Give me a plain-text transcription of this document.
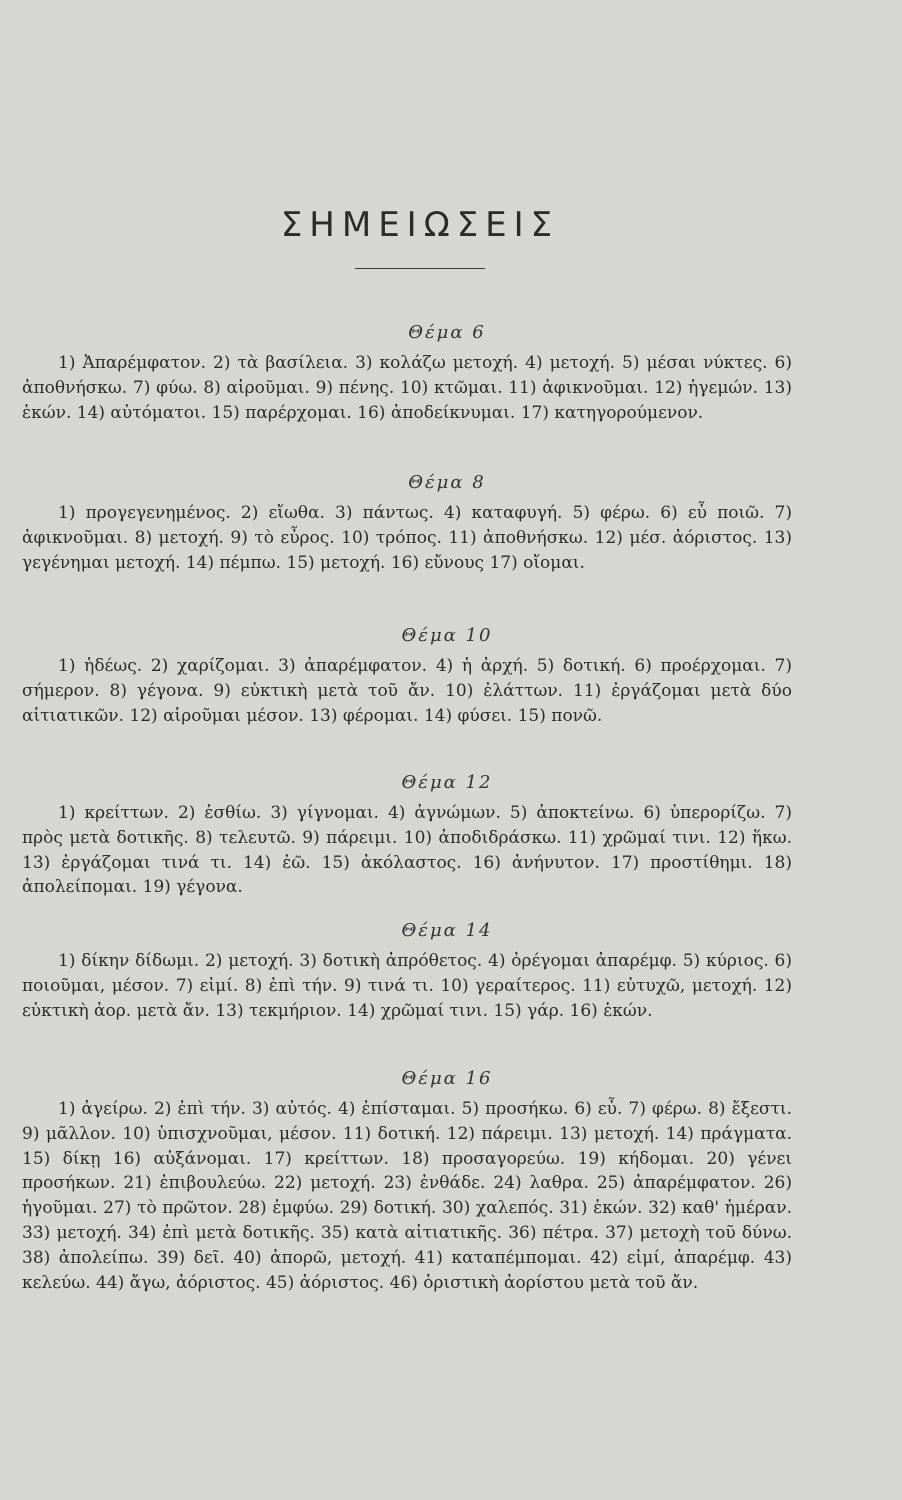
ΣΗΜΕΙΩΣΕΙΣ
Θέμα 6

1) Ἀπαρέμφατον. 2) τὰ βασίλεια. 3) κολάζω μετοχή. 4) μετοχή. 5) μέσαι νύκτες. 6) ἀποθνήσκω. 7) φύω. 8) αἱροῦμαι. 9) πένης. 10) κτῶμαι. 11) ἀφικνοῦμαι. 12) ἡγεμών. 13) ἑκών. 14) αὐτόματοι. 15) παρέρχομαι. 16) ἀποδείκνυμαι. 17) κατηγορούμενον.

Θέμα 8

1) προγεγενημένος. 2) εἴωθα. 3) πάντως. 4) καταφυγή. 5) φέρω. 6) εὖ ποιῶ. 7) ἀφικνοῦμαι. 8) μετοχή. 9) τὸ εὖρος. 10) τρόπος. 11) ἀποθνήσκω. 12) μέσ. ἀόριστος. 13) γεγένημαι μετοχή. 14) πέμπω. 15) μετοχή. 16) εὔνους 17) οἴομαι.

Θέμα 10

1) ἡδέως. 2) χαρίζομαι. 3) ἀπαρέμφατον. 4) ἡ ἀρχή. 5) δοτική. 6) προέρχομαι. 7) σήμερον. 8) γέγονα. 9) εὐκτικὴ μετὰ τοῦ ἄν. 10) ἐλάττων. 11) ἐργάζομαι μετὰ δύο αἰτιατικῶν. 12) αἱροῦμαι μέσον. 13) φέρομαι. 14) φύσει. 15) πονῶ.

Θέμα 12

1) κρείττων. 2) ἐσθίω. 3) γίγνομαι. 4) ἀγνώμων. 5) ἀποκτείνω. 6) ὑπερορίζω. 7) πρὸς μετὰ δοτικῆς. 8) τελευτῶ. 9) πάρειμι. 10) ἀποδιδράσκω. 11) χρῶμαί τινι. 12) ἥκω. 13) ἐργάζομαι τινά τι. 14) ἐῶ. 15) ἀκόλαστος. 16) ἀνήνυτον. 17) προστίθημι. 18) ἀπολείπομαι. 19) γέγονα.

Θέμα 14

1) δίκην δίδωμι. 2) μετοχή. 3) δοτικὴ ἀπρόθετος. 4) ὀρέγομαι ἀπαρέμφ. 5) κύριος. 6) ποιοῦμαι, μέσον. 7) εἰμί. 8) ἐπὶ τήν. 9) τινά τι. 10) γεραίτερος. 11) εὐτυχῶ, μετοχή. 12) εὐκτικὴ ἀορ. μετὰ ἄν. 13) τεκμήριον. 14) χρῶμαί τινι. 15) γάρ. 16) ἑκών.

Θέμα 16

1) ἀγείρω. 2) ἐπὶ τήν. 3) αὐτός. 4) ἐπίσταμαι. 5) προσήκω. 6) εὖ. 7) φέρω. 8) ἔξεστι. 9) μᾶλλον. 10) ὑπισχνοῦμαι, μέσον. 11) δοτική. 12) πάρειμι. 13) μετοχή. 14) πράγματα. 15) δίκῃ 16) αὐξάνομαι. 17) κρείττων. 18) προσαγορεύω. 19) κήδομαι. 20) γένει προσήκων. 21) ἐπιβουλεύω. 22) μετοχή. 23) ἐνθάδε. 24) λαθρα. 25) ἀπαρέμφατον. 26) ἡγοῦμαι. 27) τὸ πρῶτον. 28) ἐμφύω. 29) δοτική. 30) χαλεπός. 31) ἑκών. 32) καθ' ἡμέραν. 33) μετοχή. 34) ἐπὶ μετὰ δοτικῆς. 35) κατὰ αἰτιατικῆς. 36) πέτρα. 37) μετοχὴ τοῦ δύνω. 38) ἀπολείπω. 39) δεῖ. 40) ἀπορῶ, μετοχή. 41) καταπέμπομαι. 42) εἰμί, ἀπαρέμφ. 43) κελεύω. 44) ἄγω, ἀόριστος. 45) ἀόριστος. 46) ὁριστικὴ ἀορίστου μετὰ τοῦ ἄν.
